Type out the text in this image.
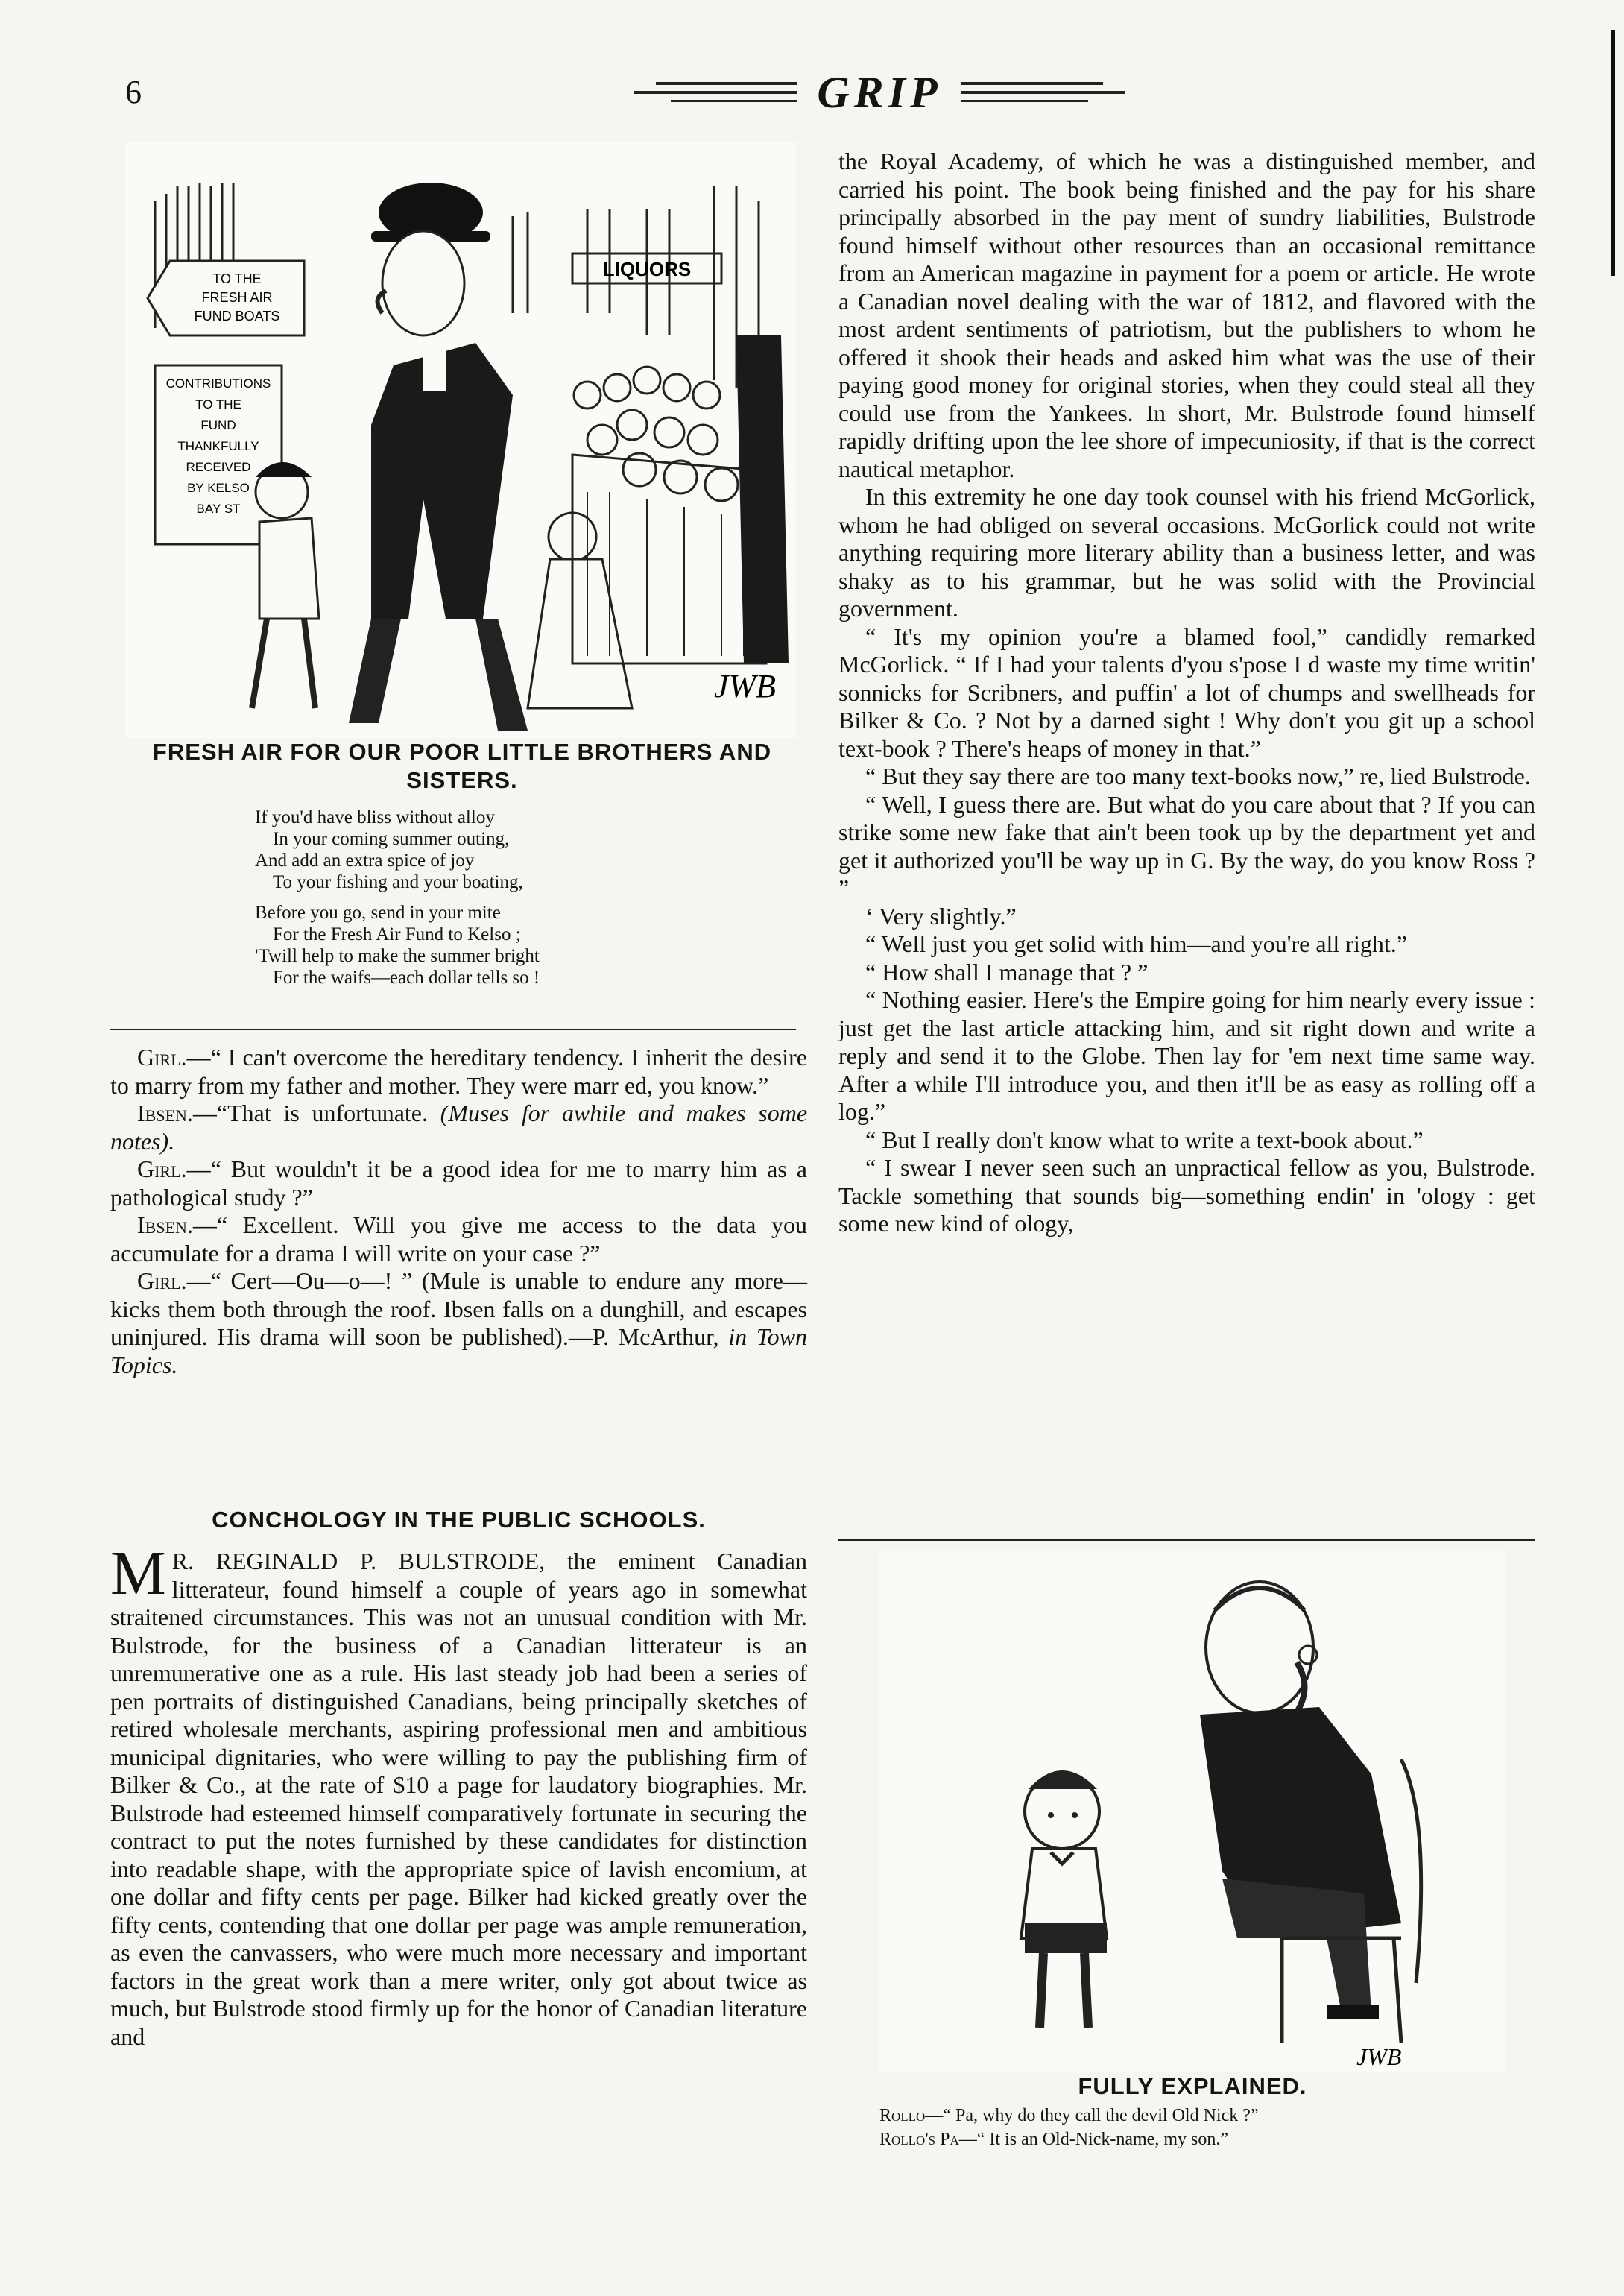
6	GRIP
LIQUORS
TO THE
FRESH AIR
FUND BOATS
CONTRIBUTIONS
TO THE
FUND
THANKFULLY
RECEIVED
BY KELSO
BAY ST
JWB
FRESH AIR FOR OUR POOR LITTLE BROTHERS AND SISTERS.
If you'd have bliss without alloy
In your coming summer outing,
And add an extra spice of joy
To your fishing and your boating,
Before you go, send in your mite
For the Fresh Air Fund to Kelso ;
'Twill help to make the summer bright
For the waifs—each dollar tells so !

Girl.—“ I can't overcome the hereditary tendency. I inherit the desire to marry from my father and mother. They were marr ed, you know.”

Ibsen.—“That is unfortunate. (Muses for awhile and makes some notes).

Girl.—“ But wouldn't it be a good idea for me to marry him as a pathological study ?”

Ibsen.—“ Excellent. Will you give me access to the data you accumulate for a drama I will write on your case ?”

Girl.—“ Cert—Ou—o—! ” (Mule is unable to endure any more—kicks them both through the roof. Ibsen falls on a dunghill, and escapes uninjured. His drama will soon be published).—P. McArthur, in Town Topics.

CONCHOLOGY IN THE PUBLIC SCHOOLS.

M R. REGINALD P. BULSTRODE, the eminent Canadian litterateur, found himself a couple of years ago in somewhat straitened circumstances. This was not an unusual condition with Mr. Bulstrode, for the business of a Canadian litterateur is an unremunerative one as a rule. His last steady job had been a series of pen portraits of distinguished Canadians, being principally sketches of retired wholesale merchants, aspiring professional men and ambitious municipal dignitaries, who were willing to pay the publishing firm of Bilker & Co., at the rate of $10 a page for laudatory biographies. Mr. Bulstrode had esteemed himself comparatively fortunate in securing the contract to put the notes furnished by these candidates for distinction into readable shape, with the appropriate spice of lavish encomium, at one dollar and fifty cents per page. Bilker had kicked greatly over the fifty cents, contending that one dollar per page was ample remuneration, as even the canvassers, who were much more necessary and important factors in the great work than a mere writer, only got about twice as much, but Bulstrode stood firmly up for the honor of Canadian literature and

the Royal Academy, of which he was a distinguished member, and carried his point. The book being finished and the pay for his share principally absorbed in the pay ment of sundry liabilities, Bulstrode found himself without other resources than an occasional remittance from an American magazine in payment for a poem or article. He wrote a Canadian novel dealing with the war of 1812, and flavored with the most ardent sentiments of patriotism, but the publishers to whom he offered it shook their heads and asked him what was the use of their paying good money for original stories, when they could steal all they could use from the Yankees. In short, Mr. Bulstrode found himself rapidly drifting upon the lee shore of impecuniosity, if that is the correct nautical metaphor.

In this extremity he one day took counsel with his friend McGorlick, whom he had obliged on several occasions. McGorlick could not write anything requiring more literary ability than a business letter, and was shaky as to his grammar, but he was solid with the Provincial government.

“ It's my opinion you're a blamed fool,” candidly remarked McGorlick. “ If I had your talents d'you s'pose I d waste my time writin' sonnicks for Scribners, and puffin' a lot of chumps and swellheads for Bilker & Co. ? Not by a darned sight ! Why don't you git up a school text-book ? There's heaps of money in that.”

“ But they say there are too many text-books now,” re, lied Bulstrode.

“ Well, I guess there are. But what do you care about that ? If you can strike some new fake that ain't been took up by the department yet and get it authorized you'll be way up in G. By the way, do you know Ross ? ”

‘ Very slightly.”

“ Well just you get solid with him—and you're all right.”

“ How shall I manage that ? ”

“ Nothing easier. Here's the Empire going for him nearly every issue : just get the last article attacking him, and sit right down and write a reply and send it to the Globe. Then lay for 'em next time same way. After a while I'll introduce you, and then it'll be as easy as rolling off a log.”

“ But I really don't know what to write a text-book about.”

“ I swear I never seen such an unpractical fellow as you, Bulstrode. Tackle something that sounds big—something endin' in 'ology : get some new kind of ology,

JWB
FULLY EXPLAINED.
Rollo—“ Pa, why do they call the devil Old Nick ?”
Rollo's Pa—“ It is an Old-Nick-name, my son.”
